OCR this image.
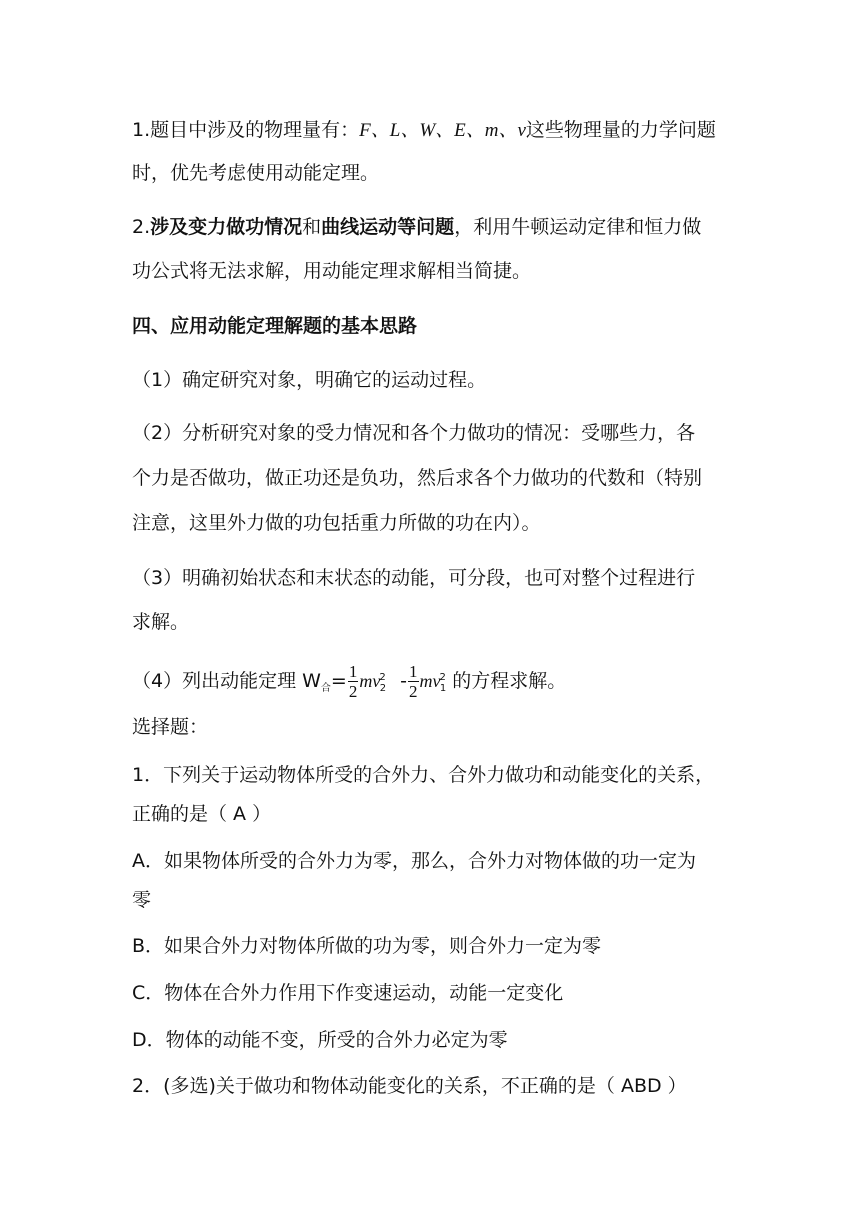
1.题目中涉及的物理量有：F、L、W、E、m、v这些物理量的力学问题
时，优先考虑使用动能定理。
2.涉及变力做功情况和曲线运动等问题，利用牛顿运动定律和恒力做
功公式将无法求解，用动能定理求解相当简捷。
四、应用动能定理解题的基本思路
（1）确定研究对象，明确它的运动过程。
（2）分析研究对象的受力情况和各个力做功的情况：受哪些力，各
个力是否做功，做正功还是负功，然后求各个力做功的代数和（特别
注意，这里外力做的功包括重力所做的功在内）。
（3）明确初始状态和末状态的动能，可分段，也可对整个过程进行
求解。
（4）列出动能定理 $W_合= \frac{1}{2} mv^2_2 - \frac{1}{2} mv^2_1$ 的方程求解。
选择题：
1．下列关于运动物体所受的合外力、合外力做功和动能变化的关系，
正确的是（ A ）
A．如果物体所受的合外力为零，那么，合外力对物体做的功一定为
零
B．如果合外力对物体所做的功为零，则合外力一定为零
C．物体在合外力作用下作变速运动，动能一定变化
D．物体的动能不变，所受的合外力必定为零
2．(多选)关于做功和物体动能变化的关系，不正确的是（ ABD ）
